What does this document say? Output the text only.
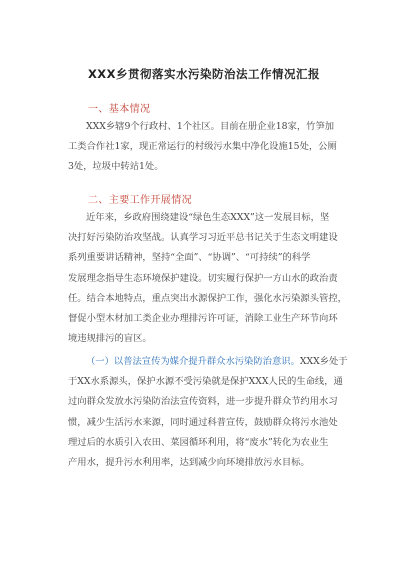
XXX乡贯彻落实水污染防治法工作情况汇报
一、基本情况
XXX乡辖9个行政村、1个社区。目前在册企业18家，竹笋加
工类合作社1家，现正常运行的村级污水集中净化设施15处，公厕
3处，垃圾中转站1处。
二、主要工作开展情况
近年来，乡政府围绕建设“绿色生态XXX”这一发展目标，坚
决打好污染防治攻坚战。认真学习习近平总书记关于生态文明建设
系列重要讲话精神，坚持“全面”、“协调”、“可持续”的科学
发展理念指导生态环境保护建设。切实履行保护一方山水的政治责
任。结合本地特点，重点突出水源保护工作，强化水污染源头管控，
督促小型木材加工类企业办理排污许可证，消除工业生产环节向环
境违规排污的盲区。
（一）以普法宣传为媒介提升群众水污染防治意识。XXX乡处于
于XX水系源头，保护水源不受污染就是保护XXX人民的生命线，通
过向群众发放水污染防治法宣传资料，进一步提升群众节约用水习
惯，减少生活污水来源，同时通过科普宣传，鼓励群众将污水池处
理过后的水质引入农田、菜园循环利用，将“废水”转化为农业生
产用水，提升污水利用率，达到减少向环境排放污水目标。
